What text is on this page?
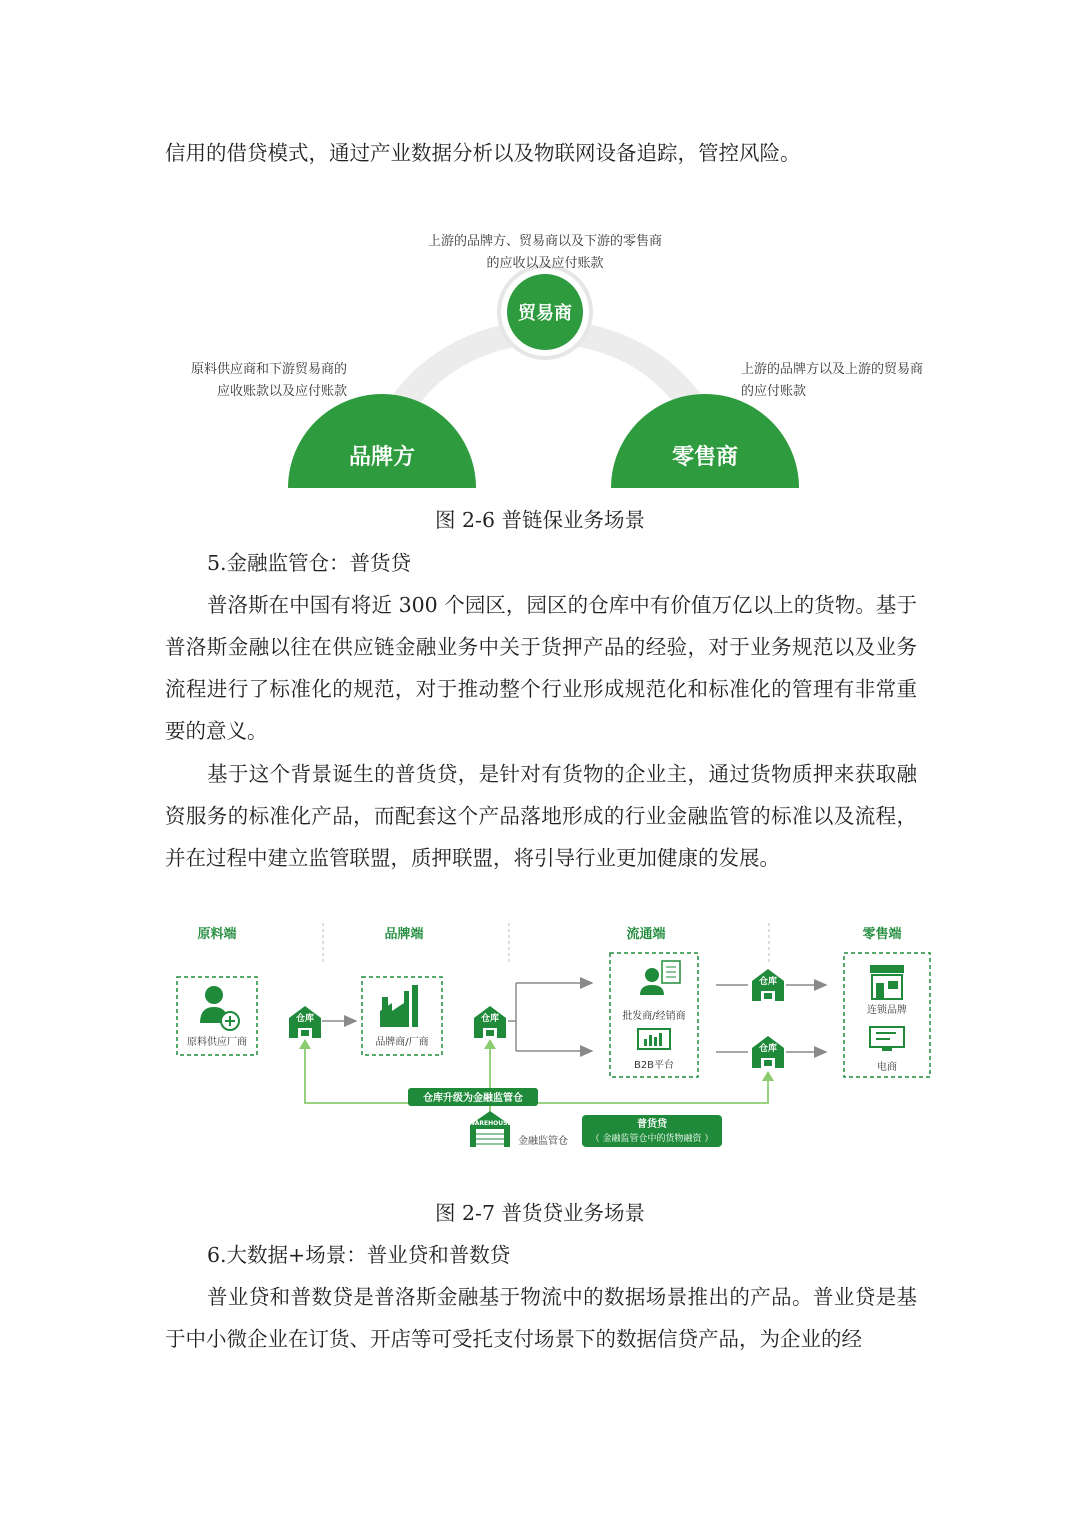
信用的借贷模式，通过产业数据分析以及物联网设备追踪，管控风险。

贸易商
品牌方	零售商
上游的品牌方、贸易商以及下游的零售商
的应收以及应付账款
原料供应商和下游贸易商的
应收账款以及应付账款
上游的品牌方以及上游的贸易商
的应付账款
图 2-6 普链保业务场景
5.金融监管仓：普货贷

普洛斯在中国有将近 300 个园区，园区的仓库中有价值万亿以上的货物。基于普洛斯金融以往在供应链金融业务中关于货押产品的经验，对于业务规范以及业务流程进行了标准化的规范，对于推动整个行业形成规范化和标准化的管理有非常重要的意义。

基于这个背景诞生的普货贷，是针对有货物的企业主，通过货物质押来获取融资服务的标准化产品，而配套这个产品落地形成的行业金融监管的标准以及流程，并在过程中建立监管联盟，质押联盟，将引导行业更加健康的发展。

原料端	品牌端	流通端	零售端
原料供应厂商
仓库
品牌商/厂商
仓库	批发商/经销商
B2B平台
仓库
仓库
连锁品牌
电商
仓库升级为金融监管仓
WAREHOUSE
金融监管仓
普货贷
（ 金融监管仓中的货物融资 ）
图 2-7 普货贷业务场景
6.大数据+场景：普业贷和普数贷

普业贷和普数贷是普洛斯金融基于物流中的数据场景推出的产品。普业贷是基于中小微企业在订货、开店等可受托支付场景下的数据信贷产品，为企业的经
